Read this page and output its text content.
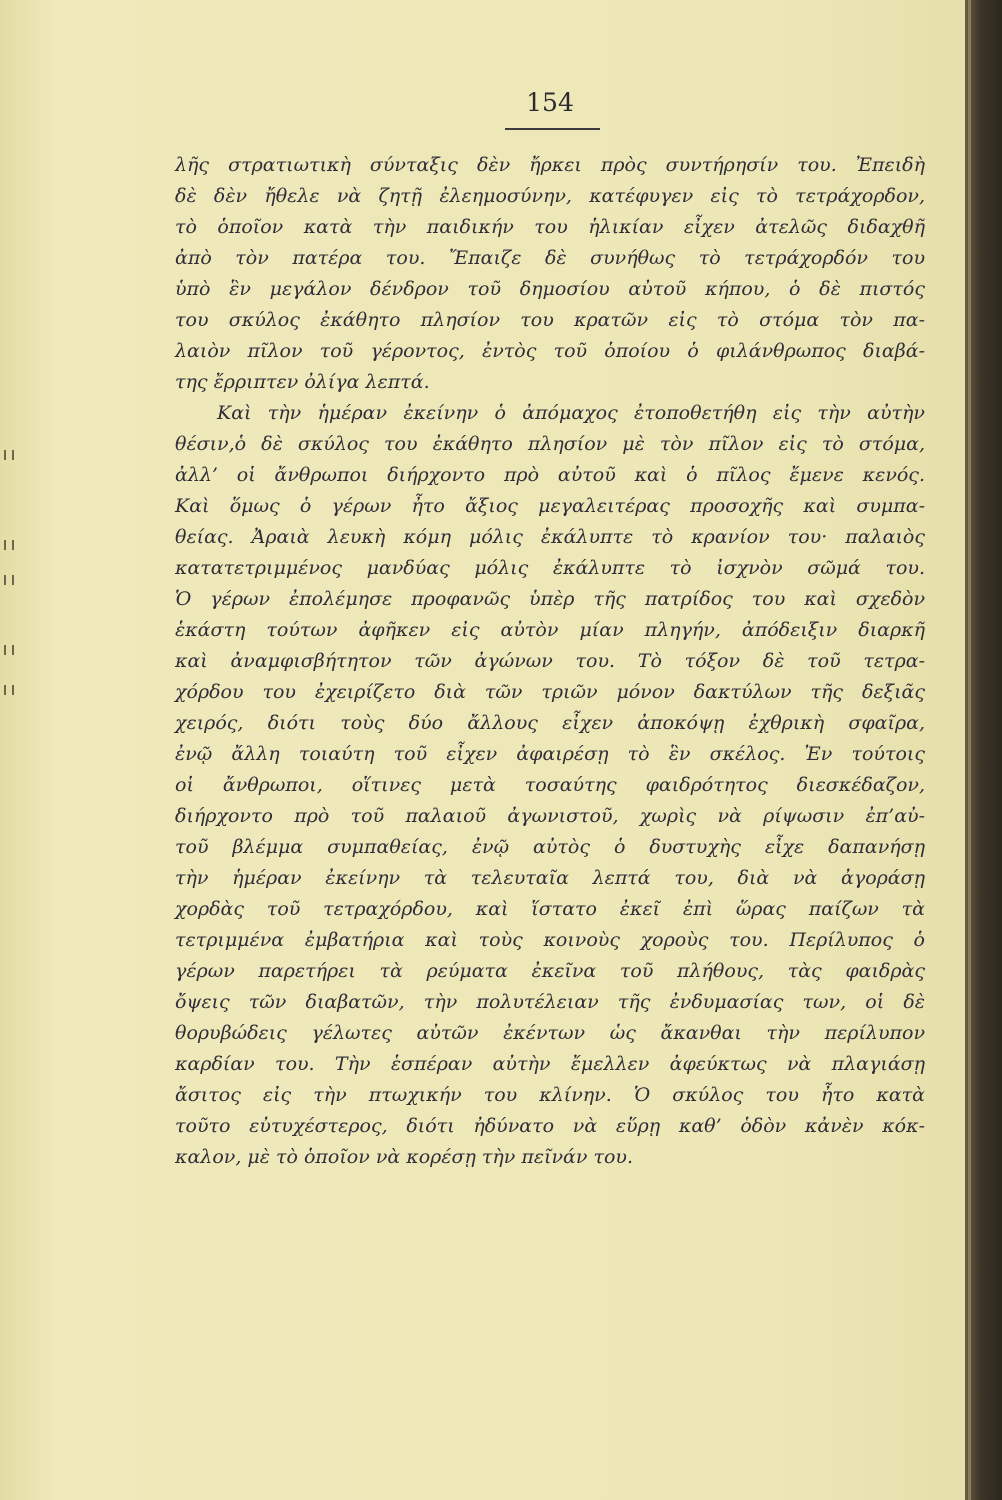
154
λῆς στρατιωτικὴ σύνταξις δὲν ἤρκει πρὸς συντήρησίν του. Ἐπειδὴ
δὲ δὲν ἤθελε νὰ ζητῇ ἐλεημοσύνην, κατέφυγεν εἰς τὸ τετράχορδον,
τὸ ὁποῖον κατὰ τὴν παιδικήν του ἡλικίαν εἶχεν ἀτελῶς διδαχθῆ
ἀπὸ τὸν πατέρα του. Ἔπαιζε δὲ συνήθως τὸ τετράχορδόν του
ὑπὸ ἓν μεγάλον δένδρον τοῦ δημοσίου αὐτοῦ κήπου, ὁ δὲ πιστός
του σκύλος ἐκάθητο πλησίον του κρατῶν εἰς τὸ στόμα τὸν πα-
λαιὸν πῖλον τοῦ γέροντος, ἐντὸς τοῦ ὁποίου ὁ φιλάνθρωπος διαβά-
της ἔρριπτεν ὀλίγα λεπτά.
Καὶ τὴν ἡμέραν ἐκείνην ὁ ἀπόμαχος ἐτοποθετήθη εἰς τὴν αὐτὴν
θέσιν,ὁ δὲ σκύλος του ἐκάθητο πλησίον μὲ τὸν πῖλον εἰς τὸ στόμα,
ἀλλ’ οἱ ἄνθρωποι διήρχοντο πρὸ αὐτοῦ καὶ ὁ πῖλος ἔμενε κενός.
Καὶ ὅμως ὁ γέρων ἦτο ἄξιος μεγαλειτέρας προσοχῆς καὶ συμπα-
θείας. Ἀραιὰ λευκὴ κόμη μόλις ἐκάλυπτε τὸ κρανίον του· παλαιὸς
κατατετριμμένος μανδύας μόλις ἐκάλυπτε τὸ ἰσχνὸν σῶμά του.
Ὁ γέρων ἐπολέμησε προφανῶς ὑπὲρ τῆς πατρίδος του καὶ σχεδὸν
ἑκάστη τούτων ἀφῆκεν εἰς αὐτὸν μίαν πληγήν, ἀπόδειξιν διαρκῆ
καὶ ἀναμφισβήτητον τῶν ἀγώνων του. Τὸ τόξον δὲ τοῦ τετρα-
χόρδου του ἐχειρίζετο διὰ τῶν τριῶν μόνον δακτύλων τῆς δεξιᾶς
χειρός, διότι τοὺς δύο ἄλλους εἶχεν ἀποκόψῃ ἐχθρικὴ σφαῖρα,
ἐνῷ ἄλλη τοιαύτη τοῦ εἶχεν ἀφαιρέσῃ τὸ ἓν σκέλος. Ἐν τούτοις
οἱ ἄνθρωποι, οἵτινες μετὰ τοσαύτης φαιδρότητος διεσκέδαζον,
διήρχοντο πρὸ τοῦ παλαιοῦ ἀγωνιστοῦ, χωρὶς νὰ ρίψωσιν ἐπ’αὐ-
τοῦ βλέμμα συμπαθείας, ἐνῷ αὐτὸς ὁ δυστυχὴς εἶχε δαπανήσῃ
τὴν ἡμέραν ἐκείνην τὰ τελευταῖα λεπτά του, διὰ νὰ ἀγοράσῃ
χορδὰς τοῦ τετραχόρδου, καὶ ἵστατο ἐκεῖ ἐπὶ ὥρας παίζων τὰ
τετριμμένα ἐμβατήρια καὶ τοὺς κοινοὺς χοροὺς του. Περίλυπος ὁ
γέρων παρετήρει τὰ ρεύματα ἐκεῖνα τοῦ πλήθους, τὰς φαιδρὰς
ὄψεις τῶν διαβατῶν, τὴν πολυτέλειαν τῆς ἐνδυμασίας των, οἱ δὲ
θορυβώδεις γέλωτες αὐτῶν ἐκέντων ὡς ἄκανθαι τὴν περίλυπον
καρδίαν του. Τὴν ἑσπέραν αὐτὴν ἔμελλεν ἀφεύκτως νὰ πλαγιάσῃ
ἄσιτος εἰς τὴν πτωχικήν του κλίνην. Ὁ σκύλος του ἦτο κατὰ
τοῦτο εὐτυχέστερος, διότι ἠδύνατο νὰ εὕρῃ καθ’ ὁδὸν κἀνὲν κόκ-
καλον, μὲ τὸ ὁποῖον νὰ κορέσῃ τὴν πεῖνάν του.
